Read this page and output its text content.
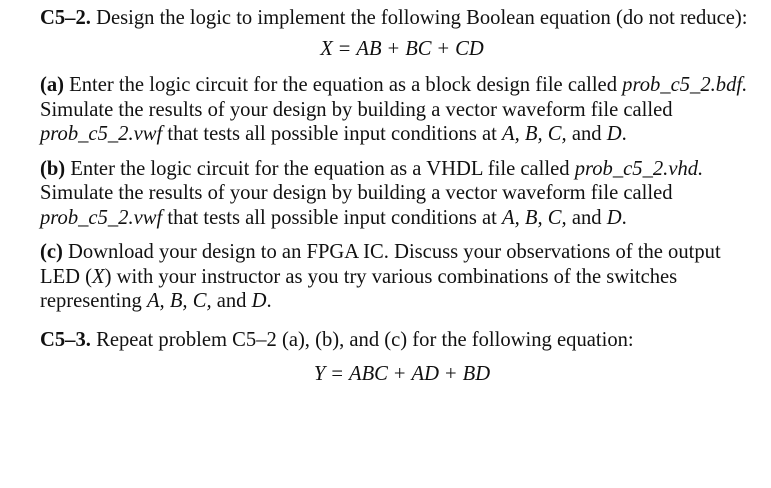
C5–2. Design the logic to implement the following Boolean equation (do not reduce):

X = AB + BC + CD

(a) Enter the logic circuit for the equation as a block design file called prob_c5_2.bdf. Simulate the results of your design by building a vector waveform file called prob_c5_2.vwf that tests all possible input conditions at A, B, C, and D.

(b) Enter the logic circuit for the equation as a VHDL file called prob_c5_2.vhd. Simulate the results of your design by building a vector waveform file called prob_c5_2.vwf that tests all possible input conditions at A, B, C, and D.

(c) Download your design to an FPGA IC. Discuss your observations of the output LED (X) with your instructor as you try various combinations of the switches representing A, B, C, and D.

C5–3. Repeat problem C5–2 (a), (b), and (c) for the following equation:

Y = ABC + AD + BD
